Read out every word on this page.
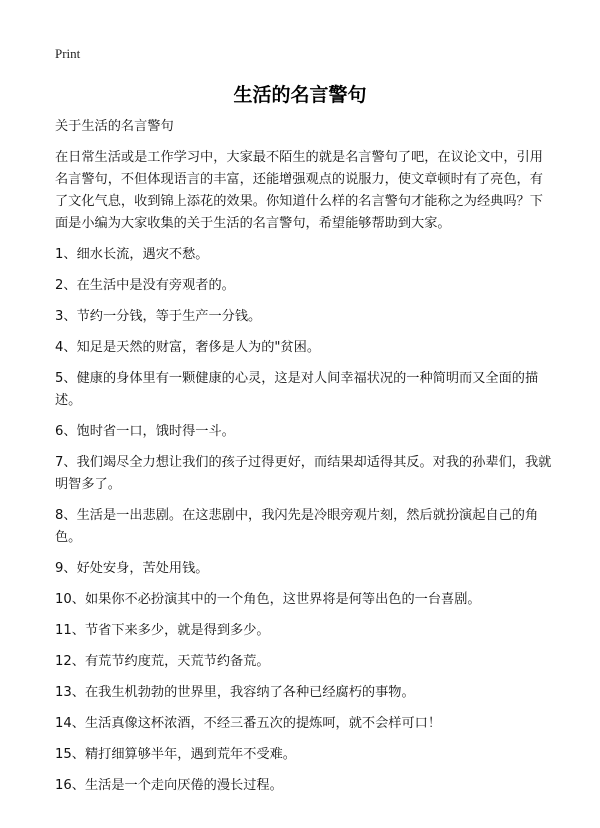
Print
生活的名言警句

关于生活的名言警句

在日常生活或是工作学习中，大家最不陌生的就是名言警句了吧，在议论文中，引用名言警句，不但体现语言的丰富，还能增强观点的说服力，使文章顿时有了亮色，有了文化气息，收到锦上添花的效果。你知道什么样的名言警句才能称之为经典吗？下面是小编为大家收集的关于生活的名言警句，希望能够帮助到大家。

1、细水长流，遇灾不愁。
2、在生活中是没有旁观者的。
3、节约一分钱，等于生产一分钱。
4、知足是天然的财富，奢侈是人为的"贫困。
5、健康的身体里有一颗健康的心灵，这是对人间幸福状况的一种简明而又全面的描述。
6、饱时省一口，饿时得一斗。
7、我们竭尽全力想让我们的孩子过得更好，而结果却适得其反。对我的孙辈们，我就明智多了。
8、生活是一出悲剧。在这悲剧中，我闪先是冷眼旁观片刻，然后就扮演起自己的角色。
9、好处安身，苦处用钱。
10、如果你不必扮演其中的一个角色，这世界将是何等出色的一台喜剧。
11、节省下来多少，就是得到多少。
12、有荒节约度荒，天荒节约备荒。
13、在我生机勃勃的世界里，我容纳了各种已经腐朽的事物。
14、生活真像这杯浓酒，不经三番五次的提炼呵，就不会样可口！
15、精打细算够半年，遇到荒年不受难。
16、生活是一个走向厌倦的漫长过程。
